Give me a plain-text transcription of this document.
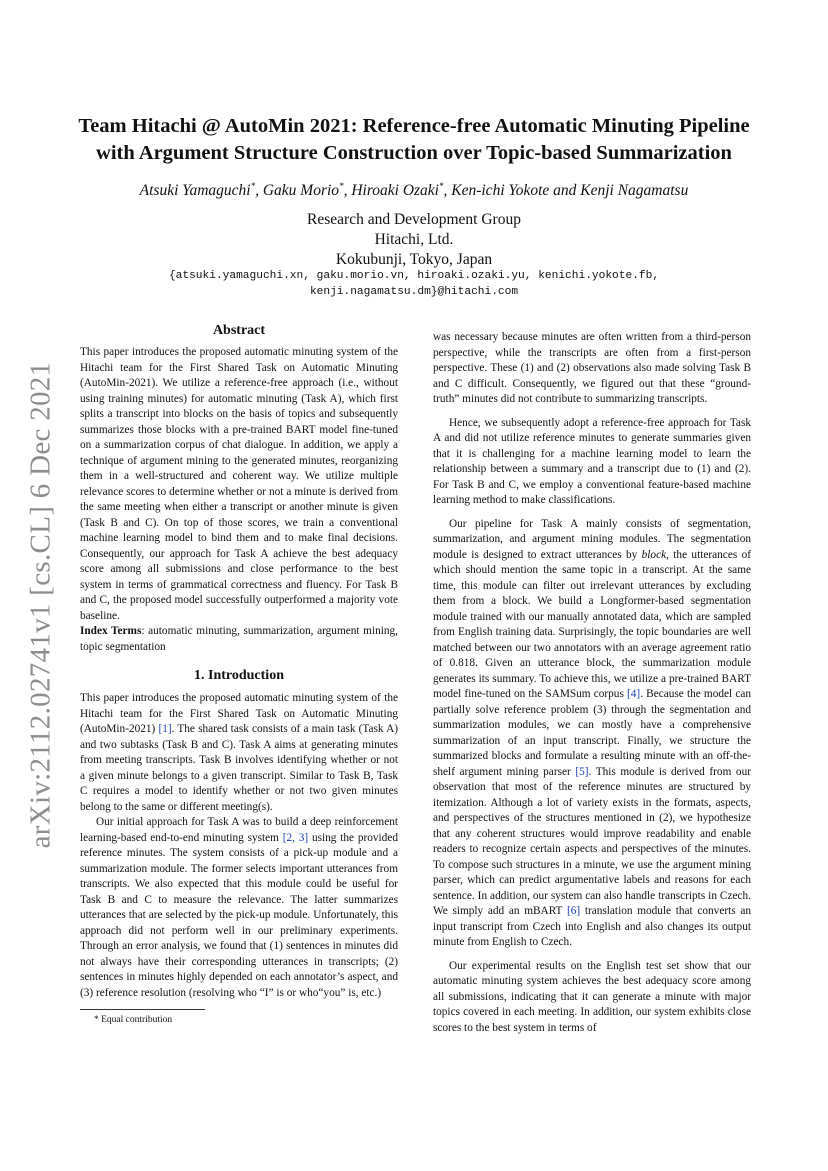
arXiv:2112.02741v1 [cs.CL] 6 Dec 2021
Team Hitachi @ AutoMin 2021: Reference-free Automatic Minuting Pipeline
with Argument Structure Construction over Topic-based Summarization
Atsuki Yamaguchi*, Gaku Morio*, Hiroaki Ozaki*, Ken-ichi Yokote and Kenji Nagamatsu
Research and Development Group
Hitachi, Ltd.
Kokubunji, Tokyo, Japan
{atsuki.yamaguchi.xn, gaku.morio.vn, hiroaki.ozaki.yu, kenichi.yokote.fb,
kenji.nagamatsu.dm}@hitachi.com
Abstract

This paper introduces the proposed automatic minuting system of the Hitachi team for the First Shared Task on Automatic Minuting (AutoMin-2021). We utilize a reference-free approach (i.e., without using training minutes) for automatic minuting (Task A), which first splits a transcript into blocks on the basis of topics and subsequently summarizes those blocks with a pre-trained BART model fine-tuned on a summarization corpus of chat dialogue. In addition, we apply a technique of argument mining to the generated minutes, reorganizing them in a well-structured and coherent way. We utilize multiple relevance scores to determine whether or not a minute is derived from the same meeting when either a transcript or another minute is given (Task B and C). On top of those scores, we train a conventional machine learning model to bind them and to make final decisions. Consequently, our approach for Task A achieve the best adequacy score among all submissions and close performance to the best system in terms of grammatical correctness and fluency. For Task B and C, the proposed model successfully outperformed a majority vote baseline.

Index Terms: automatic minuting, summarization, argument mining, topic segmentation

1. Introduction

This paper introduces the proposed automatic minuting system of the Hitachi team for the First Shared Task on Automatic Minuting (AutoMin-2021) [1]. The shared task consists of a main task (Task A) and two subtasks (Task B and C). Task A aims at generating minutes from meeting transcripts. Task B involves identifying whether or not a given minute belongs to a given transcript. Similar to Task B, Task C requires a model to identify whether or not two given minutes belong to the same or different meeting(s).

Our initial approach for Task A was to build a deep reinforcement learning-based end-to-end minuting system [2, 3] using the provided reference minutes. The system consists of a pick-up module and a summarization module. The former selects important utterances from transcripts. We also expected that this module could be useful for Task B and C to measure the relevance. The latter summarizes utterances that are selected by the pick-up module. Unfortunately, this approach did not perform well in our preliminary experiments. Through an error analysis, we found that (1) sentences in minutes did not always have their corresponding utterances in transcripts; (2) sentences in minutes highly depended on each annotator’s aspect, and (3) reference resolution (resolving who “I” is or who“you” is, etc.)

* Equal contribution

was necessary because minutes are often written from a third-person perspective, while the transcripts are often from a first-person perspective. These (1) and (2) observations also made solving Task B and C difficult. Consequently, we figured out that these “ground-truth” minutes did not contribute to summarizing transcripts.

Hence, we subsequently adopt a reference-free approach for Task A and did not utilize reference minutes to generate summaries given that it is challenging for a machine learning model to learn the relationship between a summary and a transcript due to (1) and (2). For Task B and C, we employ a conventional feature-based machine learning method to make classifications.

Our pipeline for Task A mainly consists of segmentation, summarization, and argument mining modules. The segmentation module is designed to extract utterances by block, the utterances of which should mention the same topic in a transcript. At the same time, this module can filter out irrelevant utterances by excluding them from a block. We build a Longformer-based segmentation module trained with our manually annotated data, which are sampled from English training data. Surprisingly, the topic boundaries are well matched between our two annotators with an average agreement ratio of 0.818. Given an utterance block, the summarization module generates its summary. To achieve this, we utilize a pre-trained BART model fine-tuned on the SAMSum corpus [4]. Because the model can partially solve reference problem (3) through the segmentation and summarization modules, we can mostly have a comprehensive summarization of an input transcript. Finally, we structure the summarized blocks and formulate a resulting minute with an off-the-shelf argument mining parser [5]. This module is derived from our observation that most of the reference minutes are structured by itemization. Although a lot of variety exists in the formats, aspects, and perspectives of the structures mentioned in (2), we hypothesize that any coherent structures would improve readability and enable readers to recognize certain aspects and perspectives of the minutes. To compose such structures in a minute, we use the argument mining parser, which can predict argumentative labels and reasons for each sentence. In addition, our system can also handle transcripts in Czech. We simply add an mBART [6] translation module that converts an input transcript from Czech into English and also changes its output minute from English to Czech.

Our experimental results on the English test set show that our automatic minuting system achieves the best adequacy score among all submissions, indicating that it can generate a minute with major topics covered in each meeting. In addition, our system exhibits close scores to the best system in terms of
